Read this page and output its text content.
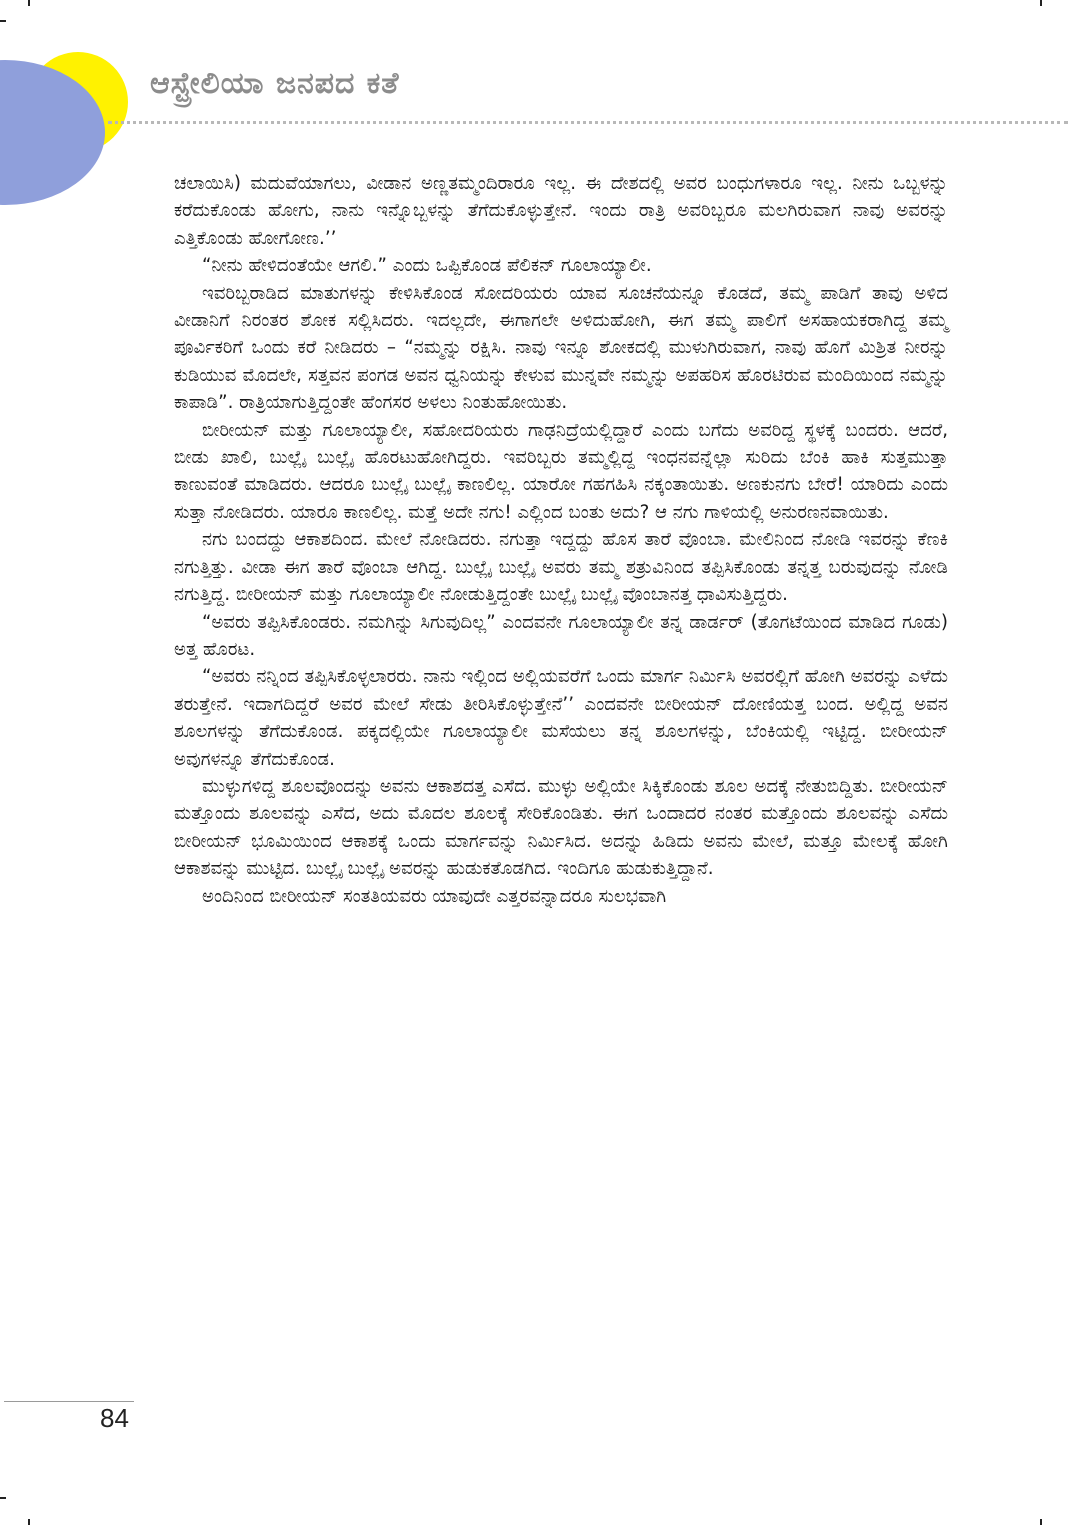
ಆಸ್ಟ್ರೇಲಿಯಾ ಜನಪದ ಕತೆ

ಚಲಾಯಿಸಿ) ಮದುವೆಯಾಗಲು, ವೀಡಾನ ಅಣ್ಣತಮ್ಮಂದಿರಾರೂ ಇಲ್ಲ. ಈ ದೇಶದಲ್ಲಿ ಅವರ ಬಂಧುಗಳಾರೂ ಇಲ್ಲ. ನೀನು ಒಬ್ಬಳನ್ನು ಕರೆದುಕೊಂಡು ಹೋಗು, ನಾನು ಇನ್ನೊಬ್ಬಳನ್ನು ತೆಗೆದುಕೊಳ್ಳುತ್ತೇನೆ. ಇಂದು ರಾತ್ರಿ ಅವರಿಬ್ಬರೂ ಮಲಗಿರುವಾಗ ನಾವು ಅವರನ್ನು ಎತ್ತಿಕೊಂಡು ಹೋಗೋಣ.’’

“ನೀನು ಹೇಳಿದಂತೆಯೇ ಆಗಲಿ.” ಎಂದು ಒಪ್ಪಿಕೊಂಡ ಪೆಲಿಕನ್ ಗೂಲಾಯ್ಯಾಲೀ.

ಇವರಿಬ್ಬರಾಡಿದ ಮಾತುಗಳನ್ನು ಕೇಳಿಸಿಕೊಂಡ ಸೋದರಿಯರು ಯಾವ ಸೂಚನೆಯನ್ನೂ ಕೊಡದೆ, ತಮ್ಮ ಪಾಡಿಗೆ ತಾವು ಅಳಿದ ವೀಡಾನಿಗೆ ನಿರಂತರ ಶೋಕ ಸಲ್ಲಿಸಿದರು. ಇದಲ್ಲದೇ, ಈಗಾಗಲೇ ಅಳಿದುಹೋಗಿ, ಈಗ ತಮ್ಮ ಪಾಲಿಗೆ ಅಸಹಾಯಕರಾಗಿದ್ದ ತಮ್ಮ ಪೂರ್ವಿಕರಿಗೆ ಒಂದು ಕರೆ ನೀಡಿದರು – “ನಮ್ಮನ್ನು ರಕ್ಷಿಸಿ. ನಾವು ಇನ್ನೂ ಶೋಕದಲ್ಲಿ ಮುಳುಗಿರುವಾಗ, ನಾವು ಹೊಗೆ ಮಿಶ್ರಿತ ನೀರನ್ನು ಕುಡಿಯುವ ಮೊದಲೇ, ಸತ್ತವನ ಪಂಗಡ ಅವನ ಧ್ವನಿಯನ್ನು ಕೇಳುವ ಮುನ್ನವೇ ನಮ್ಮನ್ನು ಅಪಹರಿಸ ಹೊರಟಿರುವ ಮಂದಿಯಿಂದ ನಮ್ಮನ್ನು ಕಾಪಾಡಿ”. ರಾತ್ರಿಯಾಗುತ್ತಿದ್ದಂತೇ ಹೆಂಗಸರ ಅಳಲು ನಿಂತುಹೋಯಿತು.

ಬೀರೀಯನ್ ಮತ್ತು ಗೂಲಾಯ್ಯಾಲೀ, ಸಹೋದರಿಯರು ಗಾಢನಿದ್ರೆಯಲ್ಲಿದ್ದಾರೆ ಎಂದು ಬಗೆದು ಅವರಿದ್ದ ಸ್ಥಳಕ್ಕೆ ಬಂದರು. ಆದರೆ, ಬೀಡು ಖಾಲಿ, ಬುಲ್ಲೈ ಬುಲ್ಲೈ ಹೊರಟುಹೋಗಿದ್ದರು. ಇವರಿಬ್ಬರು ತಮ್ಮಲ್ಲಿದ್ದ ಇಂಧನವನ್ನೆಲ್ಲಾ ಸುರಿದು ಬೆಂಕಿ ಹಾಕಿ ಸುತ್ತಮುತ್ತಾ ಕಾಣುವಂತೆ ಮಾಡಿದರು. ಆದರೂ ಬುಲ್ಲೈ ಬುಲ್ಲೈ ಕಾಣಲಿಲ್ಲ. ಯಾರೋ ಗಹಗಹಿಸಿ ನಕ್ಕಂತಾಯಿತು. ಅಣಕುನಗು ಬೇರೆ! ಯಾರಿದು ಎಂದು ಸುತ್ತಾ ನೋಡಿದರು. ಯಾರೂ ಕಾಣಲಿಲ್ಲ. ಮತ್ತೆ ಅದೇ ನಗು! ಎಲ್ಲಿಂದ ಬಂತು ಅದು? ಆ ನಗು ಗಾಳಿಯಲ್ಲಿ ಅನುರಣನವಾಯಿತು.

ನಗು ಬಂದದ್ದು ಆಕಾಶದಿಂದ. ಮೇಲೆ ನೋಡಿದರು. ನಗುತ್ತಾ ಇದ್ದದ್ದು ಹೊಸ ತಾರೆ ವೊಂಬಾ. ಮೇಲಿನಿಂದ ನೋಡಿ ಇವರನ್ನು ಕೆಣಕಿ ನಗುತ್ತಿತ್ತು. ವೀಡಾ ಈಗ ತಾರೆ ವೊಂಬಾ ಆಗಿದ್ದ. ಬುಲ್ಲೈ ಬುಲ್ಲೈ ಅವರು ತಮ್ಮ ಶತ್ರುವಿನಿಂದ ತಪ್ಪಿಸಿಕೊಂಡು ತನ್ನತ್ತ ಬರುವುದನ್ನು ನೋಡಿ ನಗುತ್ತಿದ್ದ. ಬೀರೀಯನ್ ಮತ್ತು ಗೂಲಾಯ್ಯಾಲೀ ನೋಡುತ್ತಿದ್ದಂತೇ ಬುಲ್ಲೈ ಬುಲ್ಲೈ ವೊಂಬಾನತ್ತ ಧಾವಿಸುತ್ತಿದ್ದರು.

“ಅವರು ತಪ್ಪಿಸಿಕೊಂಡರು. ನಮಗಿನ್ನು ಸಿಗುವುದಿಲ್ಲ” ಎಂದವನೇ ಗೂಲಾಯ್ಯಾಲೀ ತನ್ನ ಡಾರ್ಡರ್ (ತೊಗಟೆಯಿಂದ ಮಾಡಿದ ಗೂಡು) ಅತ್ತ ಹೊರಟ.

“ಅವರು ನನ್ನಿಂದ ತಪ್ಪಿಸಿಕೊಳ್ಳಲಾರರು. ನಾನು ಇಲ್ಲಿಂದ ಅಲ್ಲಿಯವರೆಗೆ ಒಂದು ಮಾರ್ಗ ನಿರ್ಮಿಸಿ ಅವರಲ್ಲಿಗೆ ಹೋಗಿ ಅವರನ್ನು ಎಳೆದು ತರುತ್ತೇನೆ. ಇದಾಗದಿದ್ದರೆ ಅವರ ಮೇಲೆ ಸೇಡು ತೀರಿಸಿಕೊಳ್ಳುತ್ತೇನೆ’’ ಎಂದವನೇ ಬೀರೀಯನ್ ದೋಣಿಯತ್ತ ಬಂದ. ಅಲ್ಲಿದ್ದ ಅವನ ಶೂಲಗಳನ್ನು ತೆಗೆದುಕೊಂಡ. ಪಕ್ಕದಲ್ಲಿಯೇ ಗೂಲಾಯ್ಯಾಲೀ ಮಸೆಯಲು ತನ್ನ ಶೂಲಗಳನ್ನು, ಬೆಂಕಿಯಲ್ಲಿ ಇಟ್ಟಿದ್ದ. ಬೀರೀಯನ್ ಅವುಗಳನ್ನೂ ತೆಗೆದುಕೊಂಡ.

ಮುಳ್ಳುಗಳಿದ್ದ ಶೂಲವೊಂದನ್ನು ಅವನು ಆಕಾಶದತ್ತ ಎಸೆದ. ಮುಳ್ಳು ಅಲ್ಲಿಯೇ ಸಿಕ್ಕಿಕೊಂಡು ಶೂಲ ಅದಕ್ಕೆ ನೇತುಬಿದ್ದಿತು. ಬೀರೀಯನ್ ಮತ್ತೊಂದು ಶೂಲವನ್ನು ಎಸೆದ, ಅದು ಮೊದಲ ಶೂಲಕ್ಕೆ ಸೇರಿಕೊಂಡಿತು. ಈಗ ಒಂದಾದರ ನಂತರ ಮತ್ತೊಂದು ಶೂಲವನ್ನು ಎಸೆದು ಬೀರೀಯನ್ ಭೂಮಿಯಿಂದ ಆಕಾಶಕ್ಕೆ ಒಂದು ಮಾರ್ಗವನ್ನು ನಿರ್ಮಿಸಿದ. ಅದನ್ನು ಹಿಡಿದು ಅವನು ಮೇಲೆ, ಮತ್ತೂ ಮೇಲಕ್ಕೆ ಹೋಗಿ ಆಕಾಶವನ್ನು ಮುಟ್ಟಿದ. ಬುಲ್ಲೈ ಬುಲ್ಲೈ ಅವರನ್ನು ಹುಡುಕತೊಡಗಿದ. ಇಂದಿಗೂ ಹುಡುಕುತ್ತಿದ್ದಾನೆ.

ಅಂದಿನಿಂದ ಬೀರೀಯನ್ ಸಂತತಿಯವರು ಯಾವುದೇ ಎತ್ತರವನ್ನಾದರೂ ಸುಲಭವಾಗಿ

84
